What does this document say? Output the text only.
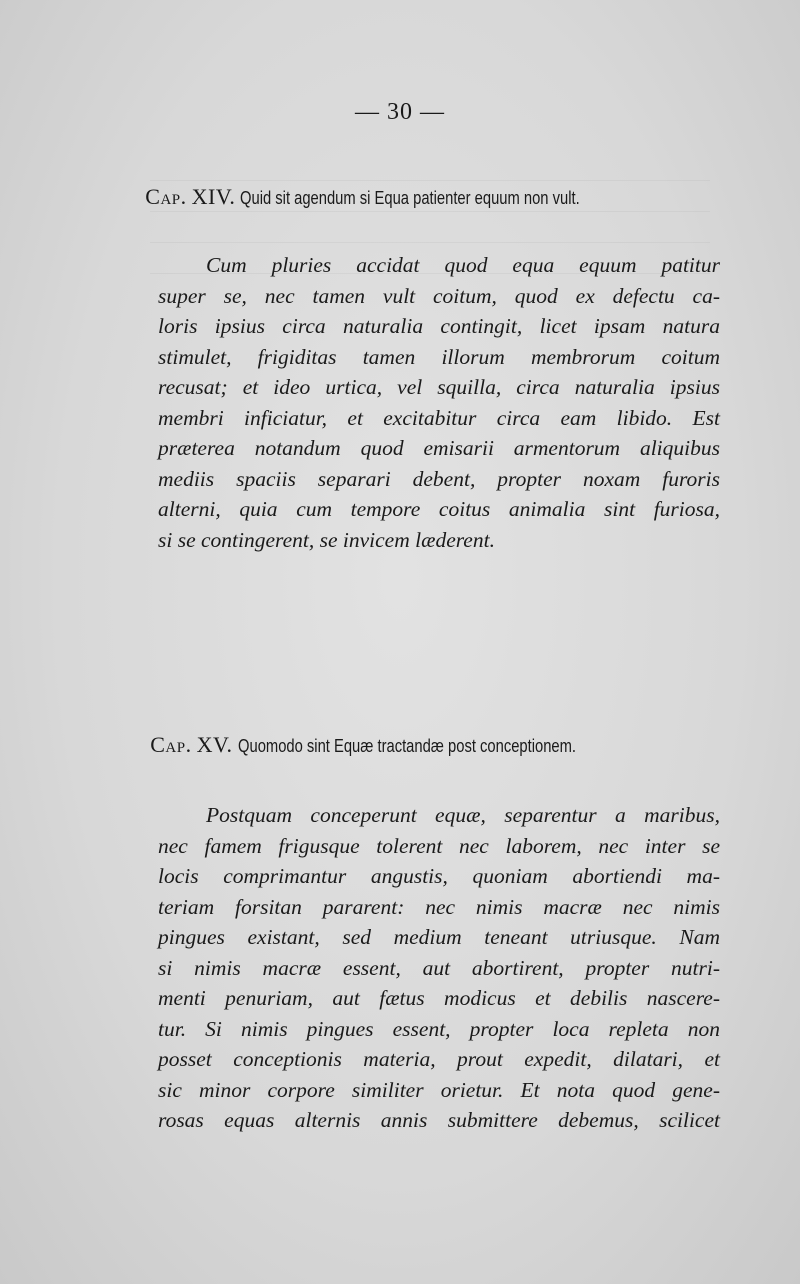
— 30 —
Cap. XIV. Quid sit agendum si Equa patienter equum non vult.
Cum pluries accidat quod equa equum patitur
super se, nec tamen vult coitum, quod ex defectu ca-
loris ipsius circa naturalia contingit, licet ipsam natura
stimulet, frigiditas tamen illorum membrorum coitum
recusat; et ideo urtica, vel squilla, circa naturalia ipsius
membri inficiatur, et excitabitur circa eam libido. Est
præterea notandum quod emisarii armentorum aliquibus
mediis spaciis separari debent, propter noxam furoris
alterni, quia cum tempore coitus animalia sint furiosa,
si se contingerent, se invicem læderent.
Cap. XV. Quomodo sint Equæ tractandæ post conceptionem.
Postquam conceperunt equæ, separentur a maribus,
nec famem frigusque tolerent nec laborem, nec inter se
locis comprimantur angustis, quoniam abortiendi ma-
teriam forsitan pararent: nec nimis macræ nec nimis
pingues existant, sed medium teneant utriusque. Nam
si nimis macræ essent, aut abortirent, propter nutri-
menti penuriam, aut fætus modicus et debilis nascere-
tur. Si nimis pingues essent, propter loca repleta non
posset conceptionis materia, prout expedit, dilatari, et
sic minor corpore similiter orietur. Et nota quod gene-
rosas equas alternis annis submittere debemus, scilicet
